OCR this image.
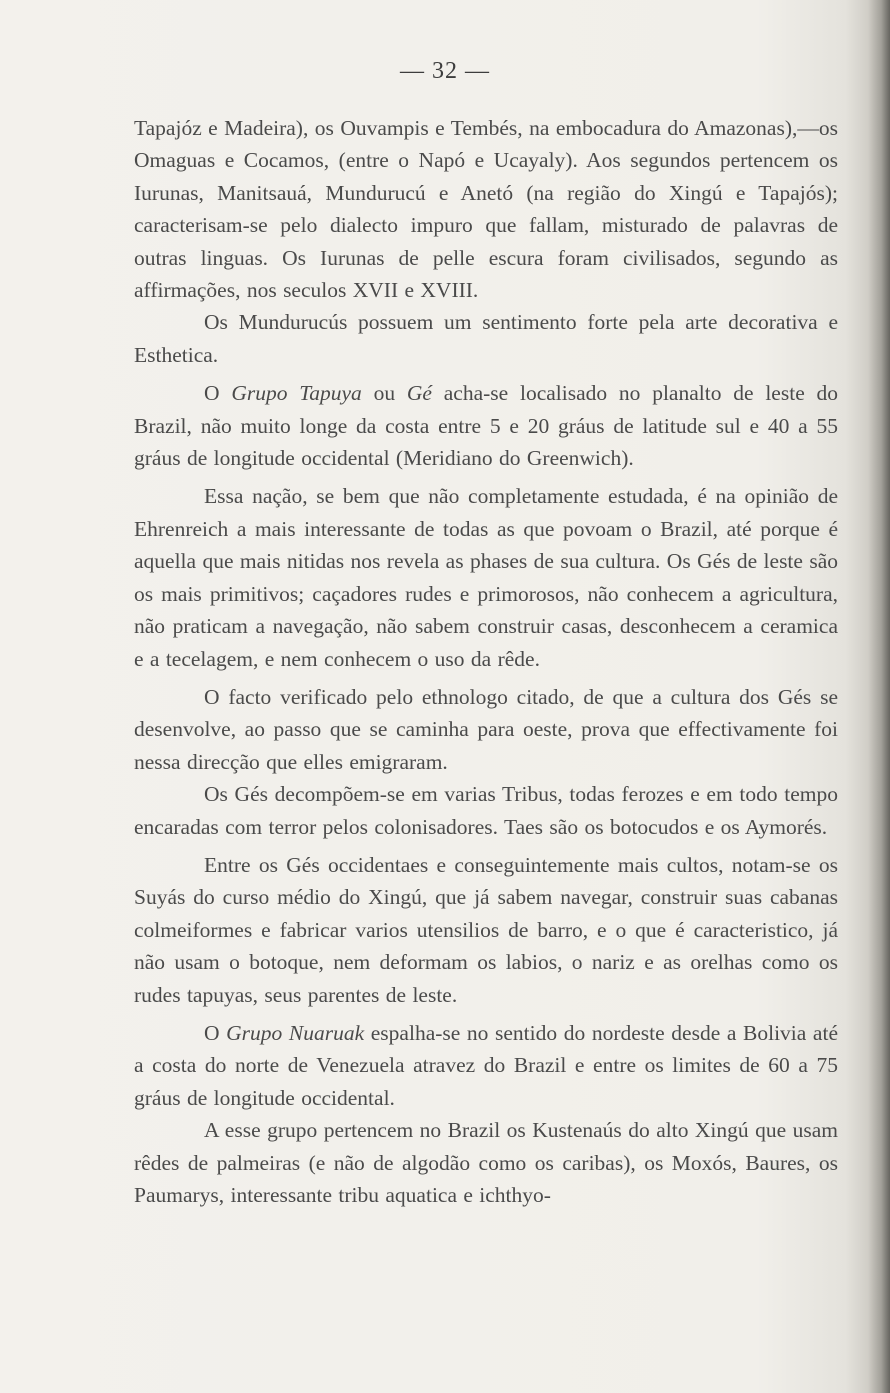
— 32 —

Tapajóz e Madeira), os Ouvampis e Tembés, na embocadura do Amazonas),—os Omaguas e Cocamos, (entre o Napó e Ucayaly). Aos segundos pertencem os Iurunas, Manitsauá, Mundurucú e Anetó (na região do Xingú e Tapajós); caracterisam-se pelo dialecto impuro que fallam, misturado de palavras de outras linguas. Os Iurunas de pelle escura foram civilisados, segundo as affirmações, nos seculos XVII e XVIII.

Os Mundurucús possuem um sentimento forte pela arte decorativa e Esthetica.

O Grupo Tapuya ou Gé acha-se localisado no planalto de leste do Brazil, não muito longe da costa entre 5 e 20 gráus de latitude sul e 40 a 55 gráus de longitude occidental (Meridiano do Greenwich).

Essa nação, se bem que não completamente estudada, é na opinião de Ehrenreich a mais interessante de todas as que povoam o Brazil, até porque é aquella que mais nitidas nos revela as phases de sua cultura. Os Gés de leste são os mais primitivos; caçadores rudes e primorosos, não conhecem a agricultura, não praticam a navegação, não sabem construir casas, desconhecem a ceramica e a tecelagem, e nem conhecem o uso da rêde.

O facto verificado pelo ethnologo citado, de que a cultura dos Gés se desenvolve, ao passo que se caminha para oeste, prova que effectivamente foi nessa direcção que elles emigraram.

Os Gés decompõem-se em varias Tribus, todas ferozes e em todo tempo encaradas com terror pelos colonisadores. Taes são os botocudos e os Aymorés.

Entre os Gés occidentaes e conseguintemente mais cultos, notam-se os Suyás do curso médio do Xingú, que já sabem navegar, construir suas cabanas colmeiformes e fabricar varios utensilios de barro, e o que é caracteristico, já não usam o botoque, nem deformam os labios, o nariz e as orelhas como os rudes tapuyas, seus parentes de leste.

O Grupo Nuaruak espalha-se no sentido do nordeste desde a Bolivia até a costa do norte de Venezuela atravez do Brazil e entre os limites de 60 a 75 gráus de longitude occidental.

A esse grupo pertencem no Brazil os Kustenaús do alto Xingú que usam rêdes de palmeiras (e não de algodão como os caribas), os Moxós, Baures, os Paumarys, interessante tribu aquatica e ichthyo-
